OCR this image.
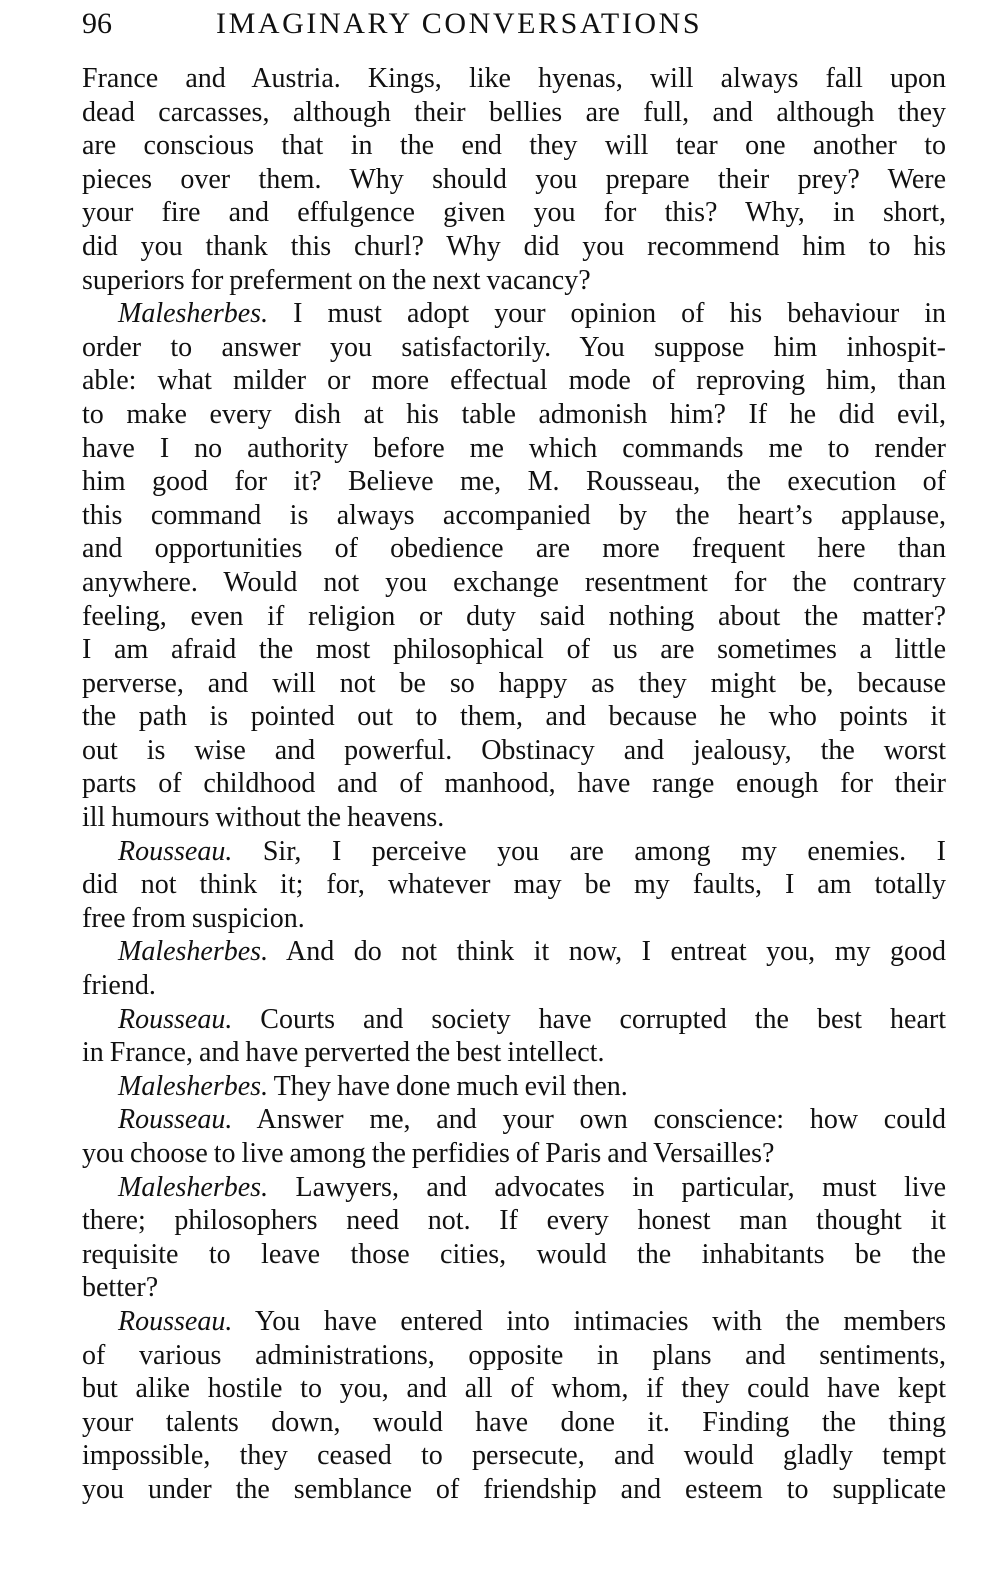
96	IMAGINARY CONVERSATIONS
France and Austria. Kings, like hyenas, will always fall upon
dead carcasses, although their bellies are full, and although they
are conscious that in the end they will tear one another to
pieces over them. Why should you prepare their prey? Were
your fire and effulgence given you for this? Why, in short,
did you thank this churl? Why did you recommend him to his
superiors for preferment on the next vacancy?
Malesherbes. I must adopt your opinion of his behaviour in
order to answer you satisfactorily. You suppose him inhospit-
able: what milder or more effectual mode of reproving him, than
to make every dish at his table admonish him? If he did evil,
have I no authority before me which commands me to render
him good for it? Believe me, M. Rousseau, the execution of
this command is always accompanied by the heart’s applause,
and opportunities of obedience are more frequent here than
anywhere. Would not you exchange resentment for the contrary
feeling, even if religion or duty said nothing about the matter?
I am afraid the most philosophical of us are sometimes a little
perverse, and will not be so happy as they might be, because
the path is pointed out to them, and because he who points it
out is wise and powerful. Obstinacy and jealousy, the worst
parts of childhood and of manhood, have range enough for their
ill humours without the heavens.
Rousseau. Sir, I perceive you are among my enemies. I
did not think it; for, whatever may be my faults, I am totally
free from suspicion.
Malesherbes. And do not think it now, I entreat you, my good
friend.
Rousseau. Courts and society have corrupted the best heart
in France, and have perverted the best intellect.
Malesherbes. They have done much evil then.
Rousseau. Answer me, and your own conscience: how could
you choose to live among the perfidies of Paris and Versailles?
Malesherbes. Lawyers, and advocates in particular, must live
there; philosophers need not. If every honest man thought it
requisite to leave those cities, would the inhabitants be the
better?
Rousseau. You have entered into intimacies with the members
of various administrations, opposite in plans and sentiments,
but alike hostile to you, and all of whom, if they could have kept
your talents down, would have done it. Finding the thing
impossible, they ceased to persecute, and would gladly tempt
you under the semblance of friendship and esteem to supplicate
